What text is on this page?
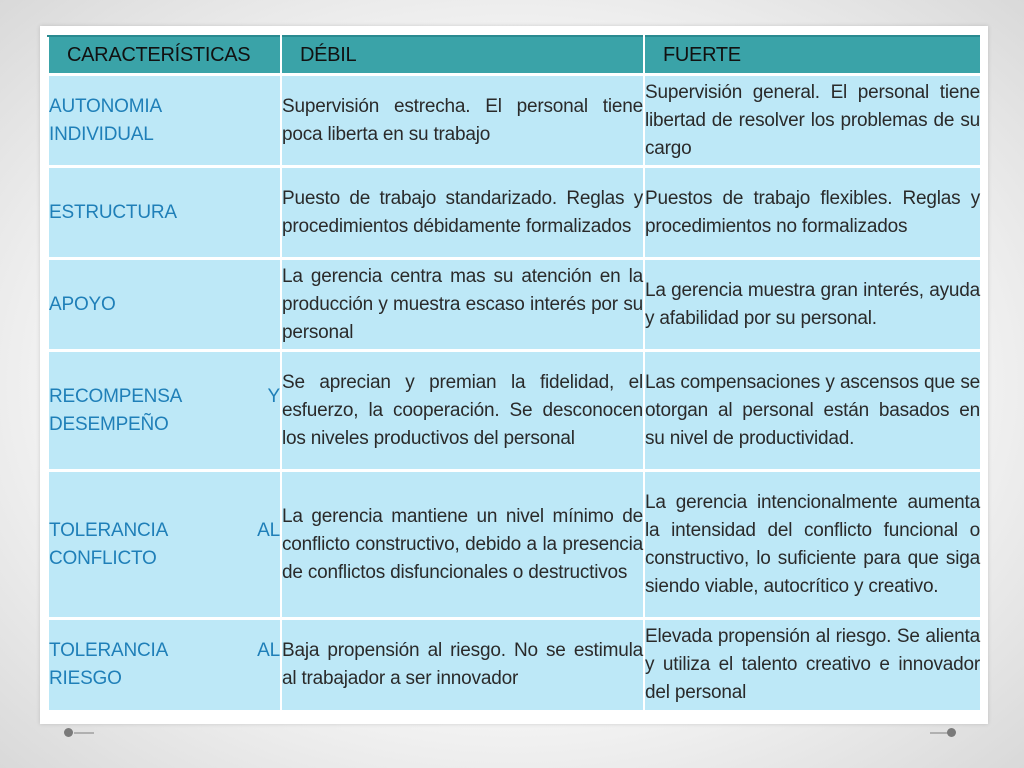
CARACTERÍSTICAS	DÉBIL	FUERTE

AUTONOMIA
INDIVIDUAL	Supervisión estrecha. El personal tiene poca liberta en su trabajo	Supervisión general. El personal tiene libertad de resolver los problemas de su cargo

ESTRUCTURA	Puesto de trabajo standarizado. Reglas y procedimientos débidamente formalizados	Puestos de trabajo flexibles. Reglas y procedimientos no formalizados

APOYO	La gerencia centra mas su atención en la producción y muestra escaso interés por su personal	La gerencia muestra gran interés, ayuda y afabilidad por su personal.

RECOMPENSA Y
DESEMPEÑO	Se aprecian y premian la fidelidad, el esfuerzo, la cooperación. Se desconocen los niveles productivos del personal	Las compensaciones y ascensos que se otorgan al personal están basados en su nivel de productividad.

TOLERANCIA AL
CONFLICTO	La gerencia mantiene un nivel mínimo de conflicto constructivo, debido a la presencia de conflictos disfuncionales o destructivos	La gerencia intencionalmente aumenta la intensidad del conflicto funcional o constructivo, lo suficiente para que siga siendo viable, autocrítico y creativo.

TOLERANCIA AL
RIESGO	Baja propensión al riesgo. No se estimula al trabajador a ser innovador	Elevada propensión al riesgo. Se alienta y utiliza el talento creativo e innovador del personal
